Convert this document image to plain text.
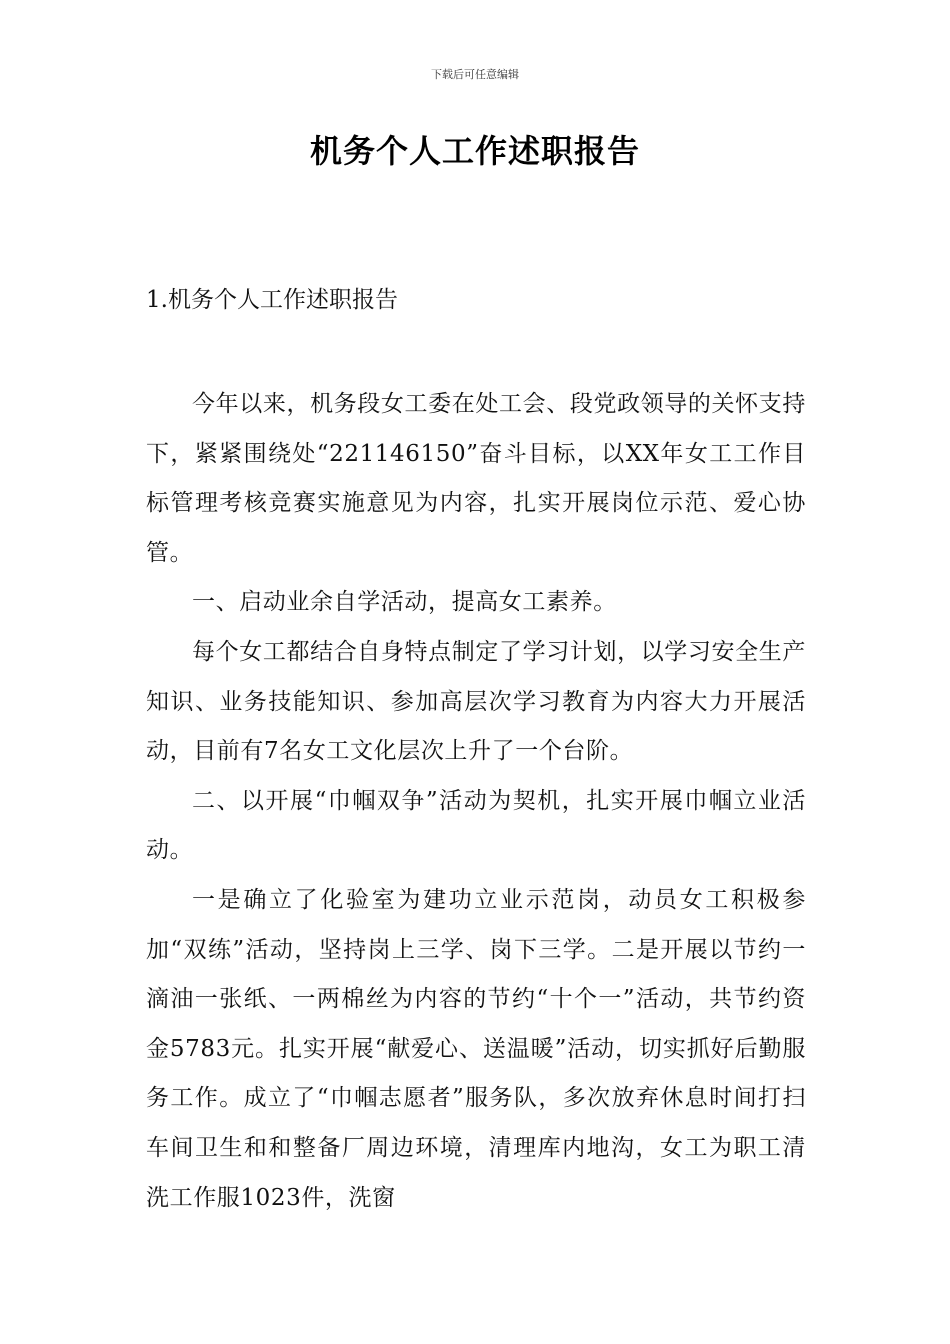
下载后可任意编辑
机务个人工作述职报告
1.机务个人工作述职报告

今年以来，机务段女工委在处工会、段党政领导的关怀支持下，紧紧围绕处“221146150”奋斗目标，以XX年女工工作目标管理考核竞赛实施意见为内容，扎实开展岗位示范、爱心协管。

一、启动业余自学活动，提高女工素养。

每个女工都结合自身特点制定了学习计划，以学习安全生产知识、业务技能知识、参加高层次学习教育为内容大力开展活动，目前有7名女工文化层次上升了一个台阶。

二、以开展“巾帼双争”活动为契机，扎实开展巾帼立业活动。

一是确立了化验室为建功立业示范岗，动员女工积极参加“双练”活动，坚持岗上三学、岗下三学。二是开展以节约一滴油一张纸、一两棉丝为内容的节约“十个一”活动，共节约资金5783元。扎实开展“献爱心、送温暖”活动，切实抓好后勤服务工作。成立了“巾帼志愿者”服务队，多次放弃休息时间打扫车间卫生和和整备厂周边环境，清理库内地沟，女工为职工清洗工作服1023件，洗窗
